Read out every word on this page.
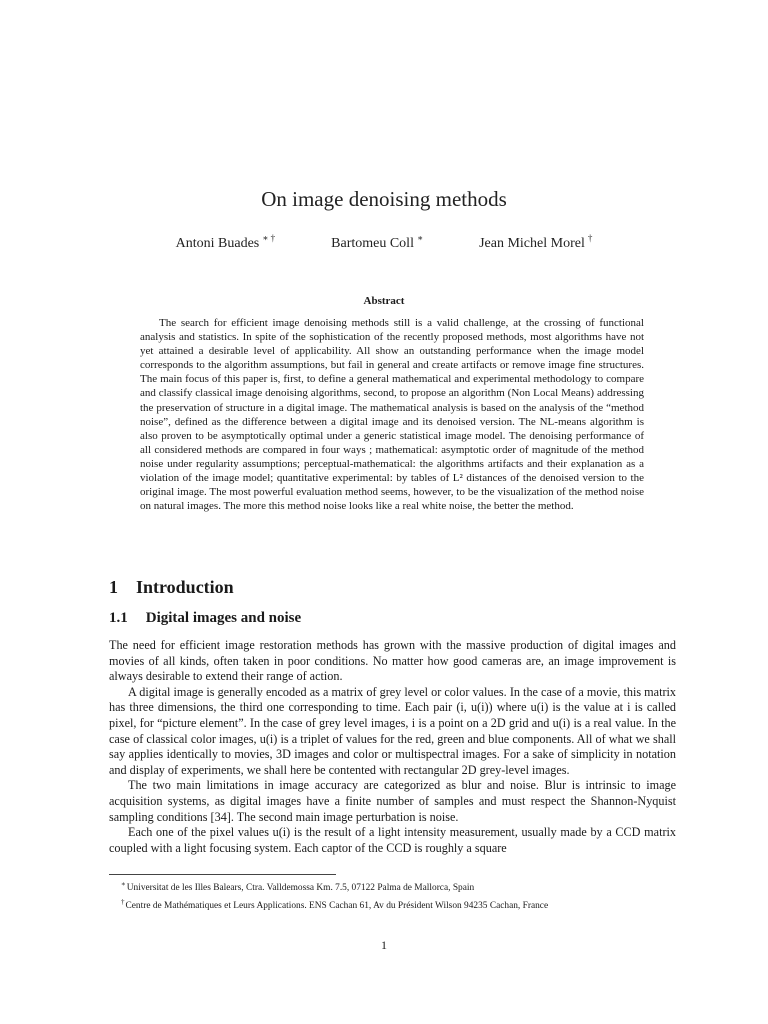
On image denoising methods
Antoni Buades ∗ †	Bartomeu Coll ∗	Jean Michel Morel †
Abstract
The search for efficient image denoising methods still is a valid challenge, at the crossing of functional analysis and statistics. In spite of the sophistication of the recently proposed methods, most algorithms have not yet attained a desirable level of applicability. All show an outstanding performance when the image model corresponds to the algorithm assumptions, but fail in general and create artifacts or remove image fine structures. The main focus of this paper is, first, to define a general mathematical and experimental methodology to compare and classify classical image denoising algorithms, second, to propose an algorithm (Non Local Means) addressing the preservation of structure in a digital image. The mathematical analysis is based on the analysis of the “method noise”, defined as the difference between a digital image and its denoised version. The NL-means algorithm is also proven to be asymptotically optimal under a generic statistical image model. The denoising performance of all considered methods are compared in four ways ; mathematical: asymptotic order of magnitude of the method noise under regularity assumptions; perceptual-mathematical: the algorithms artifacts and their explanation as a violation of the image model; quantitative experimental: by tables of L² distances of the denoised version to the original image. The most powerful evaluation method seems, however, to be the visualization of the method noise on natural images. The more this method noise looks like a real white noise, the better the method.
1 Introduction
1.1 Digital images and noise

The need for efficient image restoration methods has grown with the massive production of digital images and movies of all kinds, often taken in poor conditions. No matter how good cameras are, an image improvement is always desirable to extend their range of action.

A digital image is generally encoded as a matrix of grey level or color values. In the case of a movie, this matrix has three dimensions, the third one corresponding to time. Each pair (i, u(i)) where u(i) is the value at i is called pixel, for “picture element”. In the case of grey level images, i is a point on a 2D grid and u(i) is a real value. In the case of classical color images, u(i) is a triplet of values for the red, green and blue components. All of what we shall say applies identically to movies, 3D images and color or multispectral images. For a sake of simplicity in notation and display of experiments, we shall here be contented with rectangular 2D grey-level images.

The two main limitations in image accuracy are categorized as blur and noise. Blur is intrinsic to image acquisition systems, as digital images have a finite number of samples and must respect the Shannon-Nyquist sampling conditions [34]. The second main image perturbation is noise.

Each one of the pixel values u(i) is the result of a light intensity measurement, usually made by a CCD matrix coupled with a light focusing system. Each captor of the CCD is roughly a square

∗Universitat de les Illes Balears, Ctra. Valldemossa Km. 7.5, 07122 Palma de Mallorca, Spain
†Centre de Mathématiques et Leurs Applications. ENS Cachan 61, Av du Président Wilson 94235 Cachan, France
1
